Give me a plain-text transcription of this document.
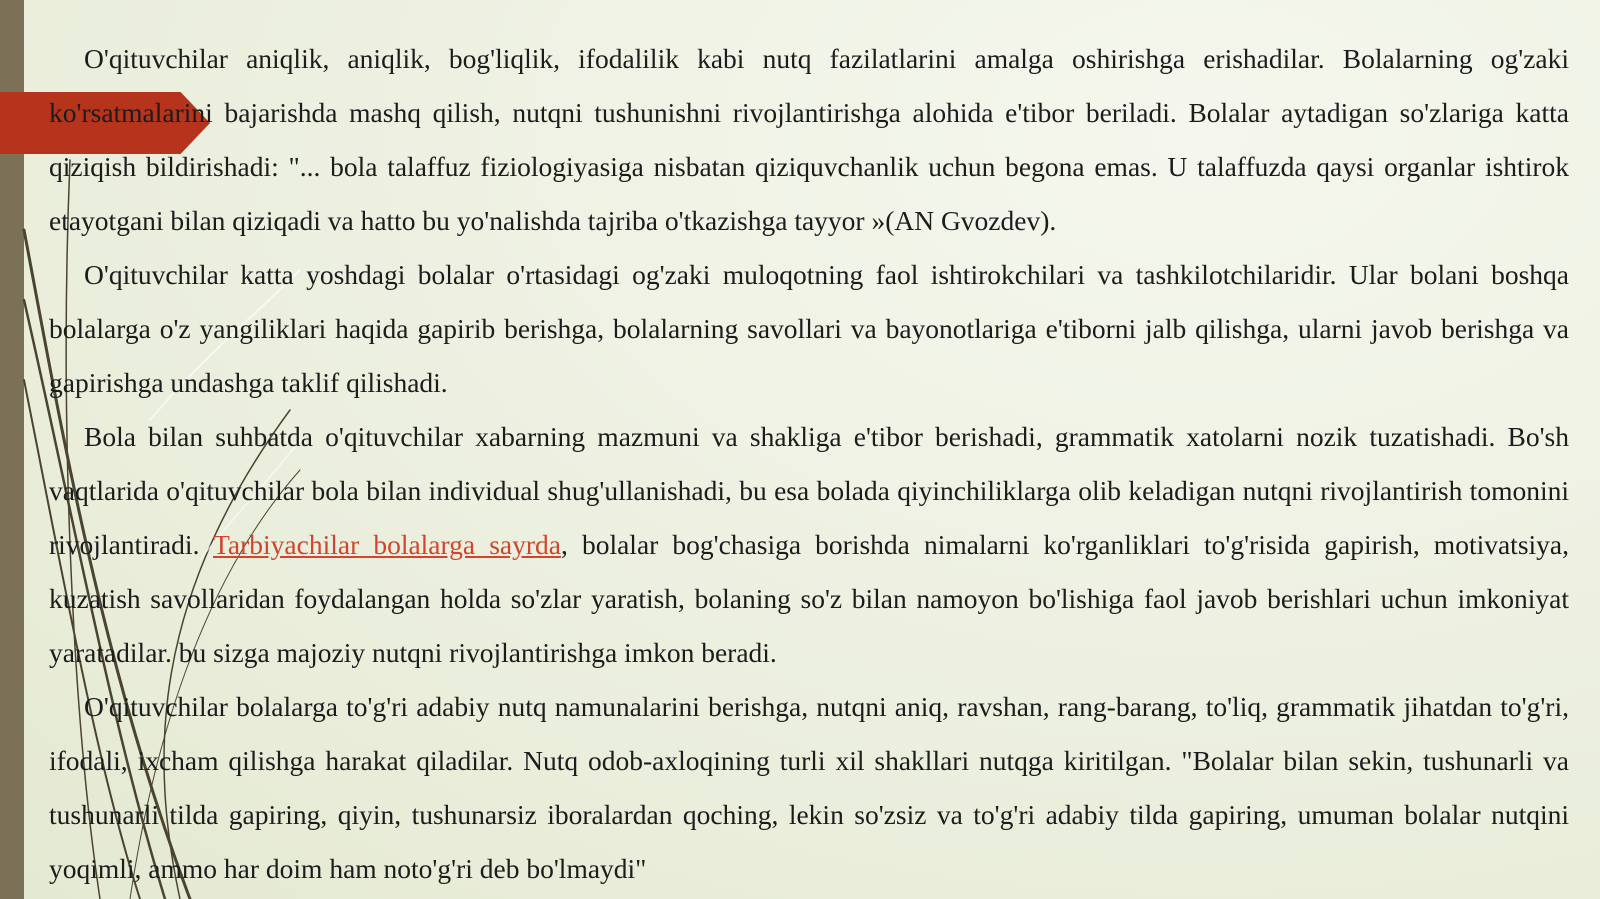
O'qituvchilar aniqlik, aniqlik, bog'liqlik, ifodalilik kabi nutq fazilatlarini amalga oshirishga erishadilar. Bolalarning og'zaki ko'rsatmalarini bajarishda mashq qilish, nutqni tushunishni rivojlantirishga alohida e'tibor beriladi. Bolalar aytadigan so'zlariga katta qiziqish bildirishadi: "... bola talaffuz fiziologiyasiga nisbatan qiziquvchanlik uchun begona emas. U talaffuzda qaysi organlar ishtirok etayotgani bilan qiziqadi va hatto bu yo'nalishda tajriba o'tkazishga tayyor »(AN Gvozdev).

O'qituvchilar katta yoshdagi bolalar o'rtasidagi og'zaki muloqotning faol ishtirokchilari va tashkilotchilaridir. Ular bolani boshqa bolalarga o'z yangiliklari haqida gapirib berishga, bolalarning savollari va bayonotlariga e'tiborni jalb qilishga, ularni javob berishga va gapirishga undashga taklif qilishadi.

Bola bilan suhbatda o'qituvchilar xabarning mazmuni va shakliga e'tibor berishadi, grammatik xatolarni nozik tuzatishadi. Bo'sh vaqtlarida o'qituvchilar bola bilan individual shug'ullanishadi, bu esa bolada qiyinchiliklarga olib keladigan nutqni rivojlantirish tomonini rivojlantiradi. Tarbiyachilar bolalarga sayrda, bolalar bog'chasiga borishda nimalarni ko'rganliklari to'g'risida gapirish, motivatsiya, kuzatish savollaridan foydalangan holda so'zlar yaratish, bolaning so'z bilan namoyon bo'lishiga faol javob berishlari uchun imkoniyat yaratadilar. bu sizga majoziy nutqni rivojlantirishga imkon beradi.

O'qituvchilar bolalarga to'g'ri adabiy nutq namunalarini berishga, nutqni aniq, ravshan, rang-barang, to'liq, grammatik jihatdan to'g'ri, ifodali, ixcham qilishga harakat qiladilar. Nutq odob-axloqining turli xil shakllari nutqga kiritilgan. "Bolalar bilan sekin, tushunarli va tushunarli tilda gapiring, qiyin, tushunarsiz iboralardan qoching, lekin so'zsiz va to'g'ri adabiy tilda gapiring, umuman bolalar nutqini yoqimli, ammo har doim ham noto'g'ri deb bo'lmaydi"
